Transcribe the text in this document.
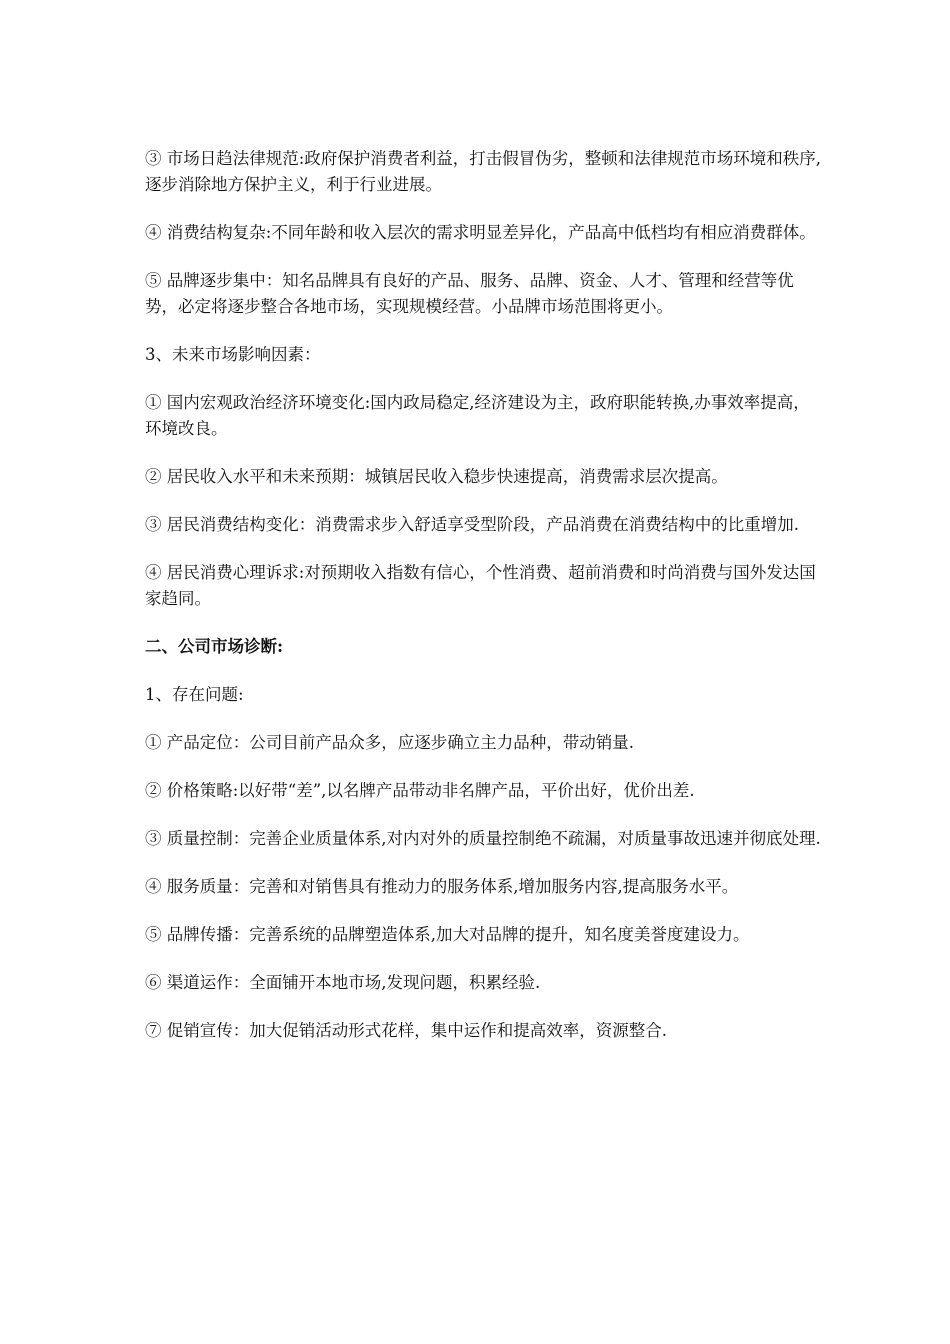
③ 市场日趋法律规范:政府保护消费者利益，打击假冒伪劣，整顿和法律规范市场环境和秩序,逐步消除地方保护主义，利于行业进展。

④ 消费结构复杂:不同年龄和收入层次的需求明显差异化，产品高中低档均有相应消费群体。

⑤ 品牌逐步集中：知名品牌具有良好的产品、服务、品牌、资金、人才、管理和经营等优势，必定将逐步整合各地市场，实现规模经营。小品牌市场范围将更小。

3、未来市场影响因素：

① 国内宏观政治经济环境变化:国内政局稳定,经济建设为主，政府职能转换,办事效率提高，环境改良。

② 居民收入水平和未来预期：城镇居民收入稳步快速提高，消费需求层次提高。

③ 居民消费结构变化：消费需求步入舒适享受型阶段，产品消费在消费结构中的比重增加.

④ 居民消费心理诉求:对预期收入指数有信心，个性消费、超前消费和时尚消费与国外发达国家趋同。

二、公司市场诊断:

1、存在问题:

① 产品定位：公司目前产品众多，应逐步确立主力品种，带动销量.

② 价格策略:以好带“差”,以名牌产品带动非名牌产品，平价出好，优价出差.

③ 质量控制：完善企业质量体系,对内对外的质量控制绝不疏漏，对质量事故迅速并彻底处理.

④ 服务质量：完善和对销售具有推动力的服务体系,增加服务内容,提高服务水平。

⑤ 品牌传播：完善系统的品牌塑造体系,加大对品牌的提升，知名度美誉度建设力。

⑥ 渠道运作：全面铺开本地市场,发现问题，积累经验.

⑦ 促销宣传：加大促销活动形式花样，集中运作和提高效率，资源整合.
